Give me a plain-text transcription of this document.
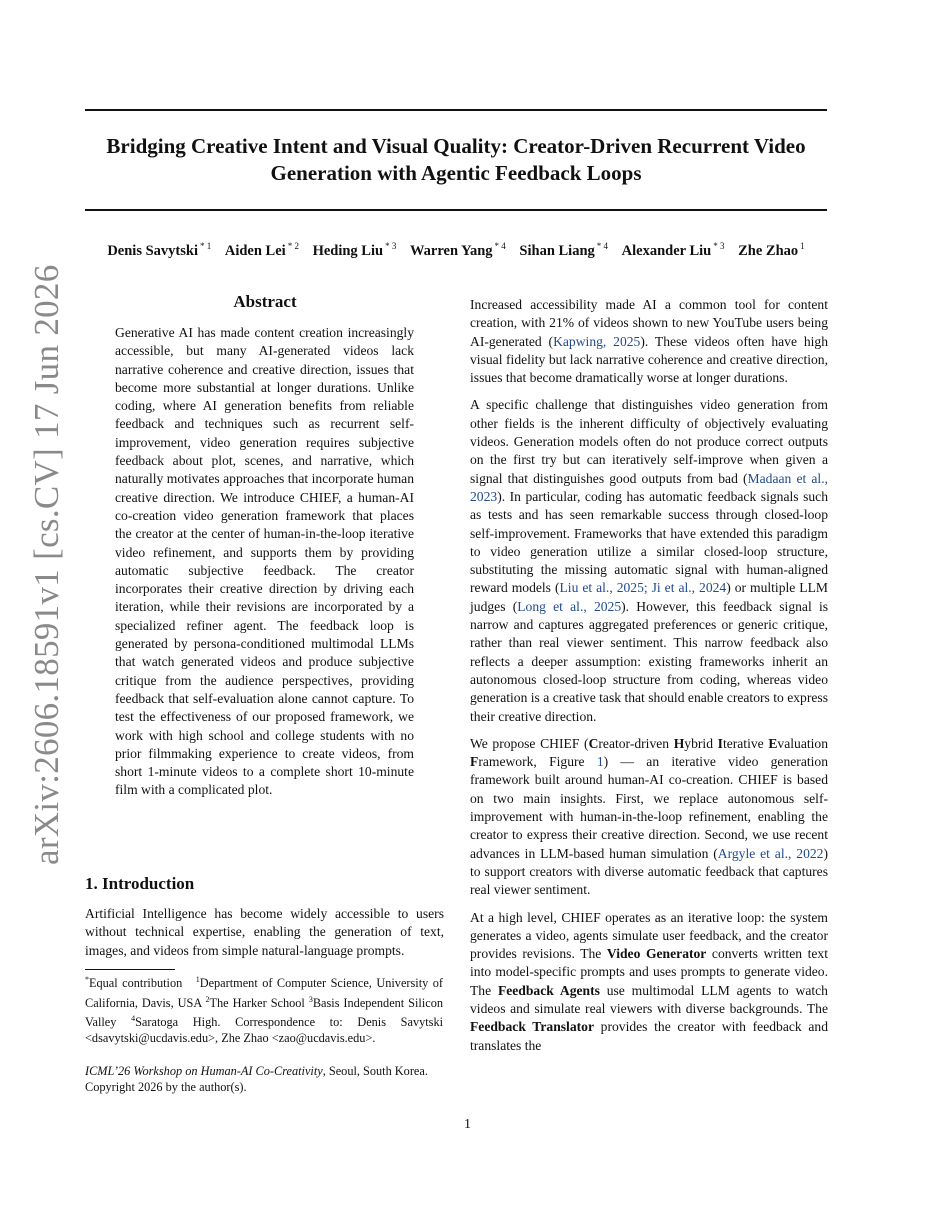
Bridging Creative Intent and Visual Quality: Creator-Driven Recurrent Video Generation with Agentic Feedback Loops
Denis Savytski $^{* 1}$ Aiden Lei $^{* 2}$ Heding Liu $^{* 3}$ Warren Yang $^{* 4}$ Sihan Liang $^{* 4}$ Alexander Liu $^{* 3}$ Zhe Zhao $^1$
arXiv:2606.18591v1 [cs.CV] 17 Jun 2026	Abstract

Generative AI has made content creation increasingly accessible, but many AI-generated videos lack narrative coherence and creative direction, issues that become more substantial at longer durations. Unlike coding, where AI generation benefits from reliable feedback and techniques such as recurrent self-improvement, video generation requires subjective feedback about plot, scenes, and narrative, which naturally motivates approaches that incorporate human creative direction. We introduce CHIEF, a human-AI co-creation video generation framework that places the creator at the center of human-in-the-loop iterative video refinement, and supports them by providing automatic subjective feedback. The creator incorporates their creative direction by driving each iteration, while their revisions are incorporated by a specialized refiner agent. The feedback loop is generated by persona-conditioned multimodal LLMs that watch generated videos and produce subjective critique from the audience perspectives, providing feedback that self-evaluation alone cannot capture. To test the effectiveness of our proposed framework, we work with high school and college students with no prior filmmaking experience to create videos, from short 1-minute videos to a complete short 10-minute film with a complicated plot.

1. Introduction

Artificial Intelligence has become widely accessible to users without technical expertise, enabling the generation of text, images, and videos from simple natural-language prompts.

*Equal contribution $^1$Department of Computer Science, University of California, Davis, USA $^2$The Harker School $^3$Basis Independent Silicon Valley $^4$Saratoga High. Correspondence to: Denis Savytski <dsavytski@ucdavis.edu>, Zhe Zhao <zao@ucdavis.edu>.
ICML’26 Workshop on Human-AI Co-Creativity, Seoul, South Korea. Copyright 2026 by the author(s).

Increased accessibility made AI a common tool for content creation, with 21% of videos shown to new YouTube users being AI-generated (Kapwing, 2025). These videos often have high visual fidelity but lack narrative coherence and creative direction, issues that become dramatically worse at longer durations.

A specific challenge that distinguishes video generation from other fields is the inherent difficulty of objectively evaluating videos. Generation models often do not produce correct outputs on the first try but can iteratively self-improve when given a signal that distinguishes good outputs from bad (Madaan et al., 2023). In particular, coding has automatic feedback signals such as tests and has seen remarkable success through closed-loop self-improvement. Frameworks that have extended this paradigm to video generation utilize a similar closed-loop structure, substituting the missing automatic signal with human-aligned reward models (Liu et al., 2025; Ji et al., 2024) or multiple LLM judges (Long et al., 2025). However, this feedback signal is narrow and captures aggregated preferences or generic critique, rather than real viewer sentiment. This narrow feedback also reflects a deeper assumption: existing frameworks inherit an autonomous closed-loop structure from coding, whereas video generation is a creative task that should enable creators to express their creative direction.

We propose CHIEF (Creator-driven Hybrid Iterative Evaluation Framework, Figure 1) — an iterative video generation framework built around human-AI co-creation. CHIEF is based on two main insights. First, we replace autonomous self-improvement with human-in-the-loop refinement, enabling the creator to express their creative direction. Second, we use recent advances in LLM-based human simulation (Argyle et al., 2022) to support creators with diverse automatic feedback that captures real viewer sentiment.

At a high level, CHIEF operates as an iterative loop: the system generates a video, agents simulate user feedback, and the creator provides revisions. The Video Generator converts written text into model-specific prompts and uses prompts to generate video. The Feedback Agents use multimodal LLM agents to watch videos and simulate real viewers with diverse backgrounds. The Feedback Translator provides the creator with feedback and translates the

1
